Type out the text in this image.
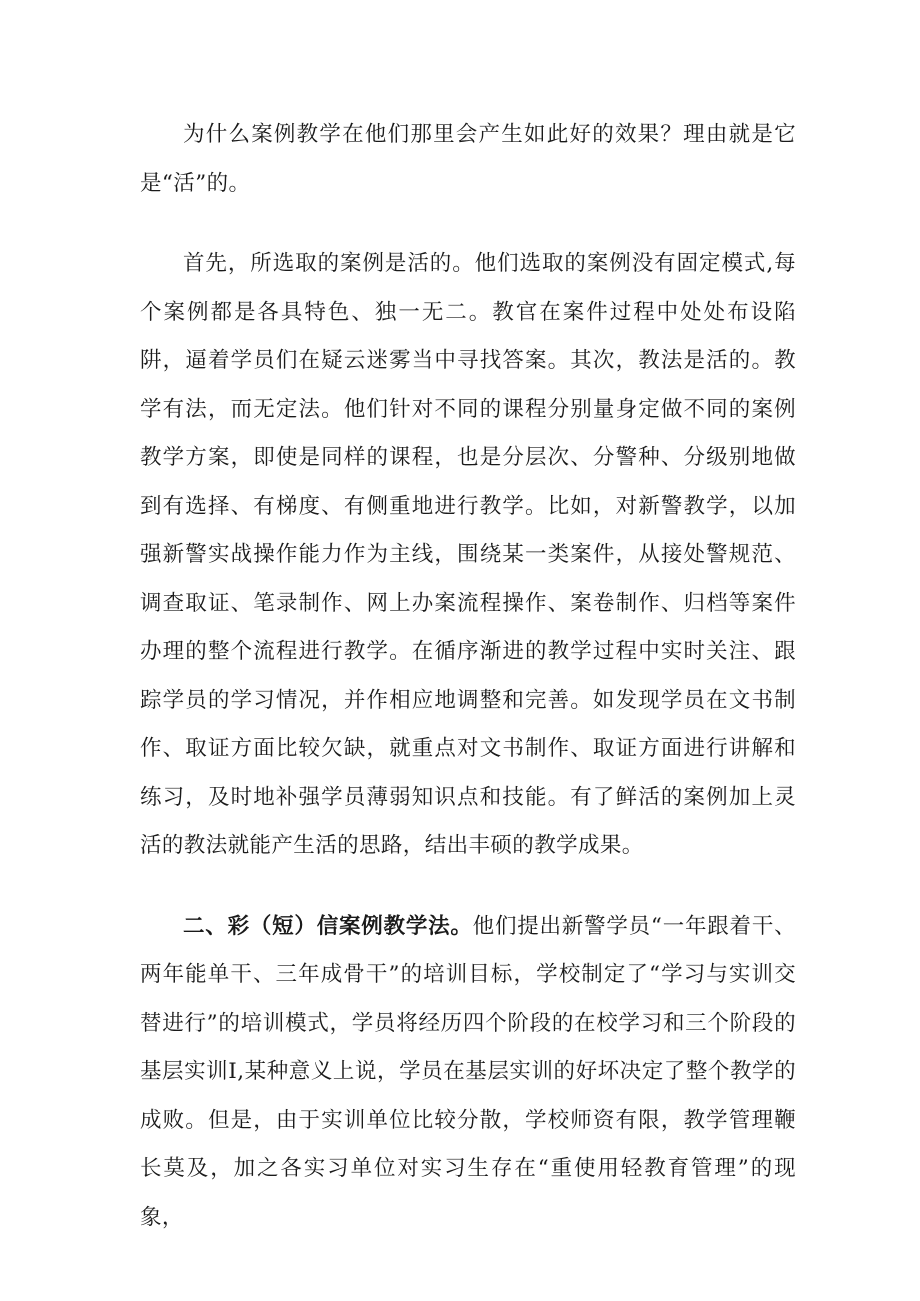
为什么案例教学在他们那里会产生如此好的效果？理由就是它是“活”的。

首先，所选取的案例是活的。他们选取的案例没有固定模式,每个案例都是各具特色、独一无二。教官在案件过程中处处布设陷阱，逼着学员们在疑云迷雾当中寻找答案。其次，教法是活的。教学有法，而无定法。他们针对不同的课程分别量身定做不同的案例教学方案，即使是同样的课程，也是分层次、分警种、分级别地做到有选择、有梯度、有侧重地进行教学。比如，对新警教学，以加强新警实战操作能力作为主线，围绕某一类案件，从接处警规范、调查取证、笔录制作、网上办案流程操作、案卷制作、归档等案件办理的整个流程进行教学。在循序渐进的教学过程中实时关注、跟踪学员的学习情况，并作相应地调整和完善。如发现学员在文书制作、取证方面比较欠缺，就重点对文书制作、取证方面进行讲解和练习，及时地补强学员薄弱知识点和技能。有了鲜活的案例加上灵活的教法就能产生活的思路，结出丰硕的教学成果。

二、彩（短）信案例教学法。他们提出新警学员“一年跟着干、两年能单干、三年成骨干”的培训目标，学校制定了“学习与实训交替进行”的培训模式，学员将经历四个阶段的在校学习和三个阶段的基层实训Ⅰ,某种意义上说，学员在基层实训的好坏决定了整个教学的成败。但是，由于实训单位比较分散，学校师资有限，教学管理鞭长莫及，加之各实习单位对实习生存在“重使用轻教育管理”的现象，
